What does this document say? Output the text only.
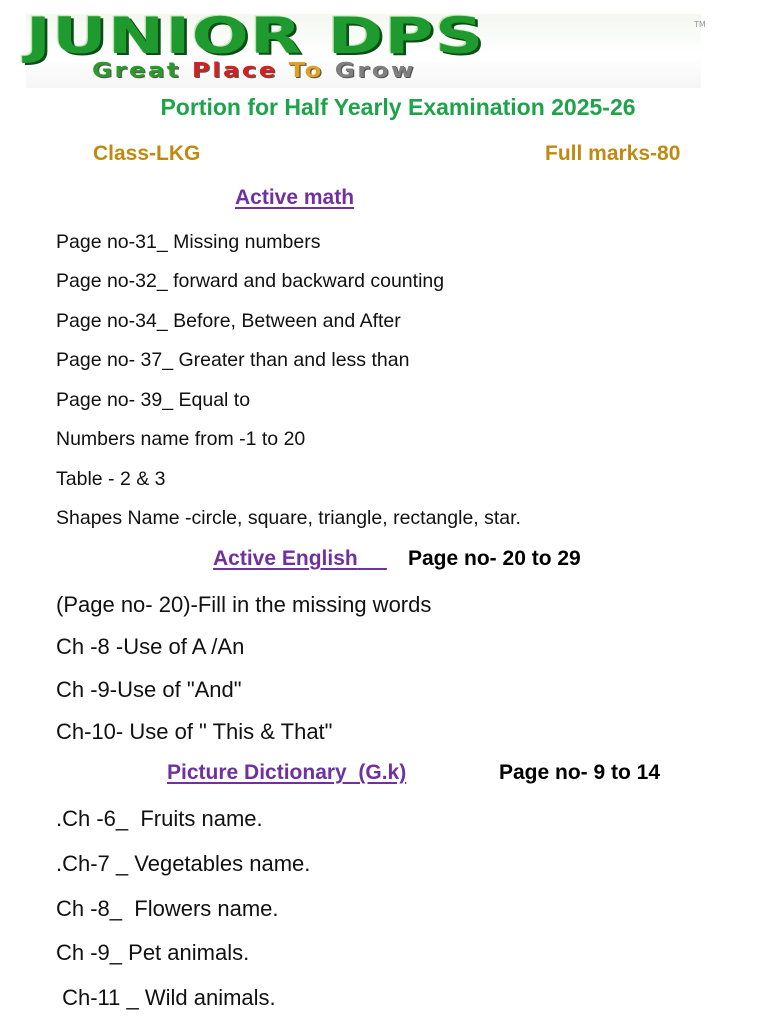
JUNIOR DPS
Great Place To Grow
TM
Portion for Half Yearly Examination 2025-26
Class-LKG	Full marks-80
Active math
Page no-31_ Missing numbers
Page no-32_ forward and backward counting
Page no-34_ Before, Between and After
Page no- 37_ Greater than and less than
Page no- 39_ Equal to
Numbers name from -1 to 20
Table - 2 & 3
Shapes Name -circle, square, triangle, rectangle, star.
Active English	Page no- 20 to 29
(Page no- 20)-Fill in the missing words
Ch -8 -Use of A /An
Ch -9-Use of "And"
Ch-10- Use of " This & That"
Picture Dictionary  (G.k)	Page no- 9 to 14
.Ch -6_  Fruits name.
.Ch-7 _ Vegetables name.
Ch -8_  Flowers name.
Ch -9_ Pet animals.
Ch-11 _ Wild animals.
